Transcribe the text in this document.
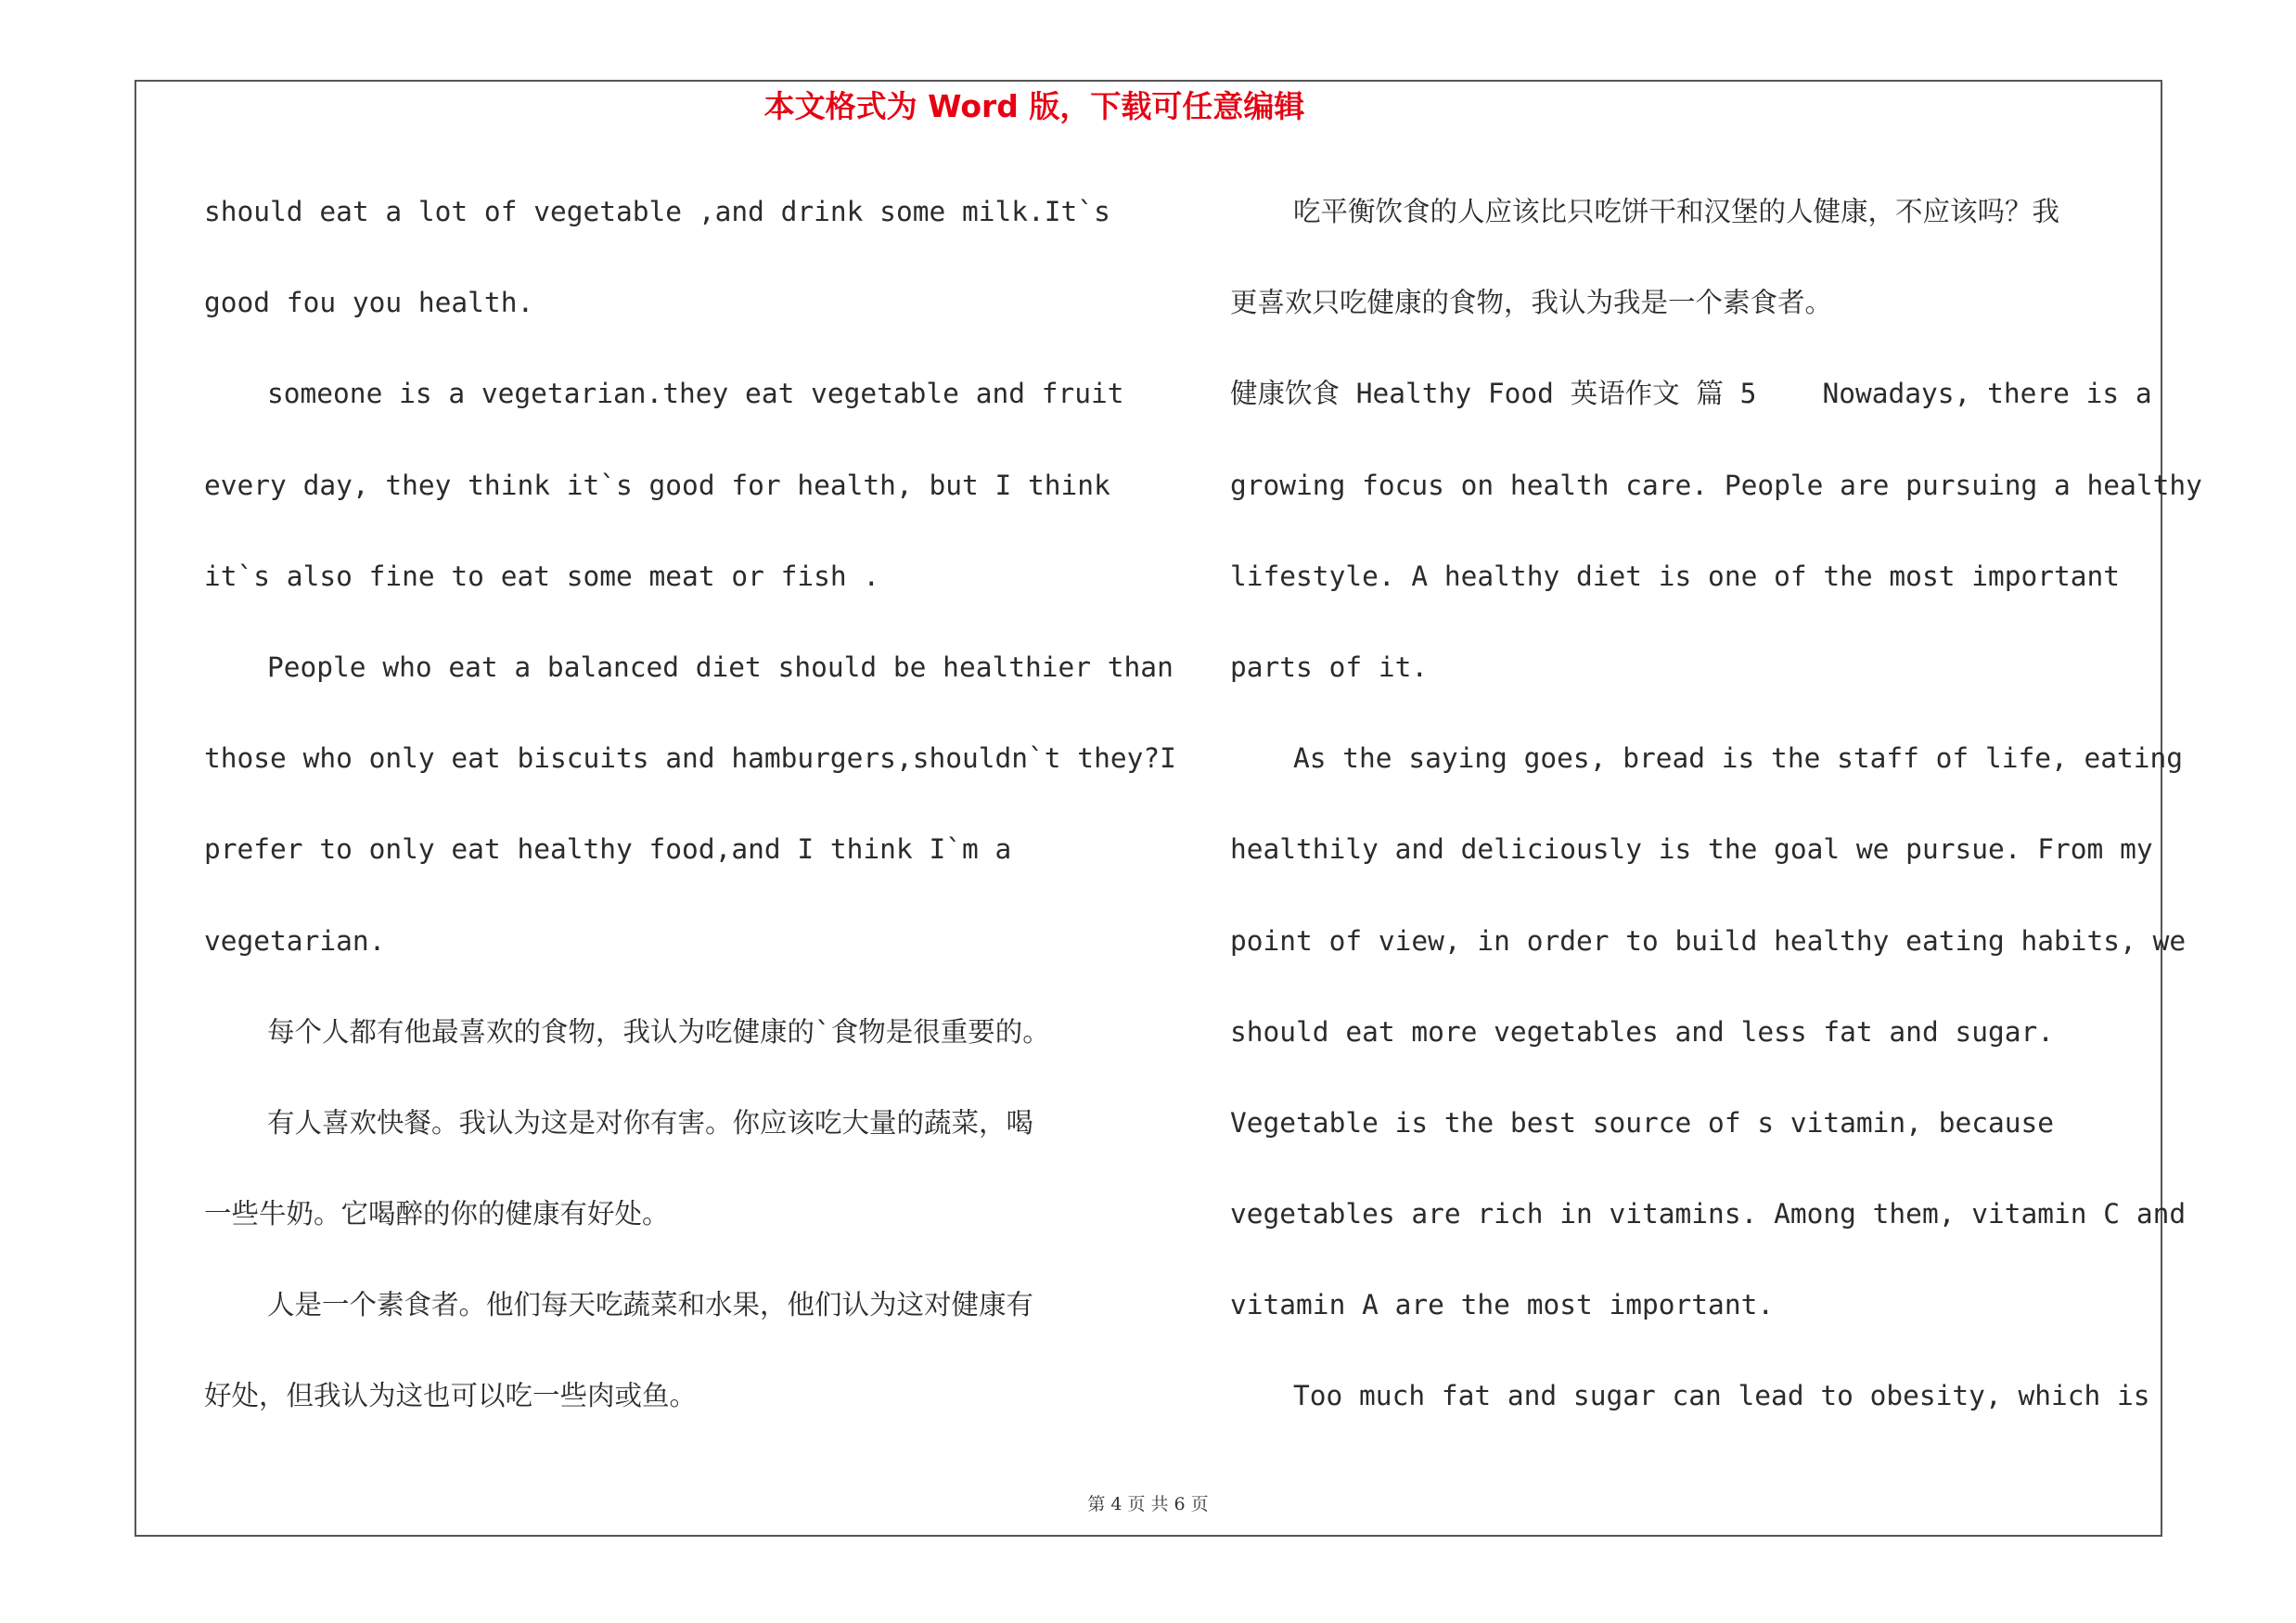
本文格式为 Word 版，下载可任意编辑
should eat a lot of vegetable ,and drink some milk.It`s
good fou you health.
someone is a vegetarian.they eat vegetable and fruit
every day, they think it`s good for health, but I think
it`s also fine to eat some meat or fish .
People who eat a balanced diet should be healthier than
those who only eat biscuits and hamburgers,shouldn`t they?I
prefer to only eat healthy food,and I think I`m a
vegetarian.
每个人都有他最喜欢的食物，我认为吃健康的`食物是很重要的。
有人喜欢快餐。我认为这是对你有害。你应该吃大量的蔬菜，喝
一些牛奶。它喝醉的你的健康有好处。
人是一个素食者。他们每天吃蔬菜和水果，他们认为这对健康有
好处，但我认为这也可以吃一些肉或鱼。
吃平衡饮食的人应该比只吃饼干和汉堡的人健康，不应该吗？我
更喜欢只吃健康的食物，我认为我是一个素食者。
健康饮食 Healthy Food 英语作文 篇 5    Nowadays, there is a
growing focus on health care. People are pursuing a healthy
lifestyle. A healthy diet is one of the most important
parts of it.
As the saying goes, bread is the staff of life, eating
healthily and deliciously is the goal we pursue. From my
point of view, in order to build healthy eating habits, we
should eat more vegetables and less fat and sugar.
Vegetable is the best source of s vitamin, because
vegetables are rich in vitamins. Among them, vitamin C and
vitamin A are the most important.
Too much fat and sugar can lead to obesity, which is
第 4 页 共 6 页
